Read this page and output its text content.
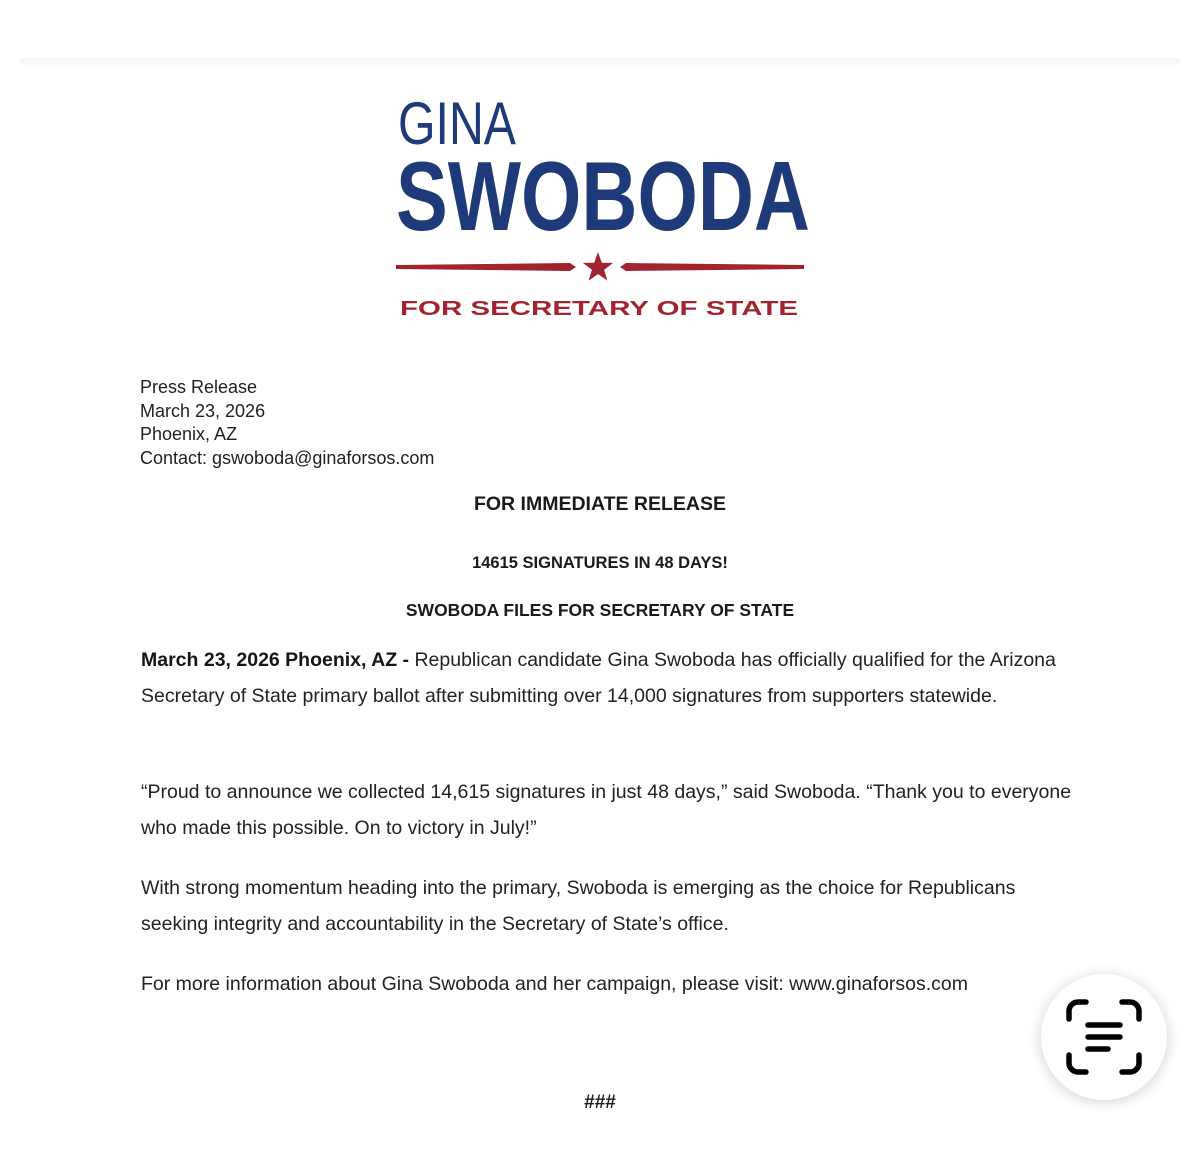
GINA
SWOBODA
FOR SECRETARY OF STATE
Press Release
March 23, 2026
Phoenix, AZ
Contact: gswoboda@ginaforsos.com
FOR IMMEDIATE RELEASE
14615 SIGNATURES IN 48 DAYS!
SWOBODA FILES FOR SECRETARY OF STATE
March 23, 2026 Phoenix, AZ - Republican candidate Gina Swoboda has officially qualified for the Arizona Secretary of State primary ballot after submitting over 14,000 signatures from supporters statewide.
“Proud to announce we collected 14,615 signatures in just 48 days,” said Swoboda. “Thank you to everyone who made this possible. On to victory in July!”
With strong momentum heading into the primary, Swoboda is emerging as the choice for Republicans seeking integrity and accountability in the Secretary of State’s office.
For more information about Gina Swoboda and her campaign, please visit: www.ginaforsos.com
###
